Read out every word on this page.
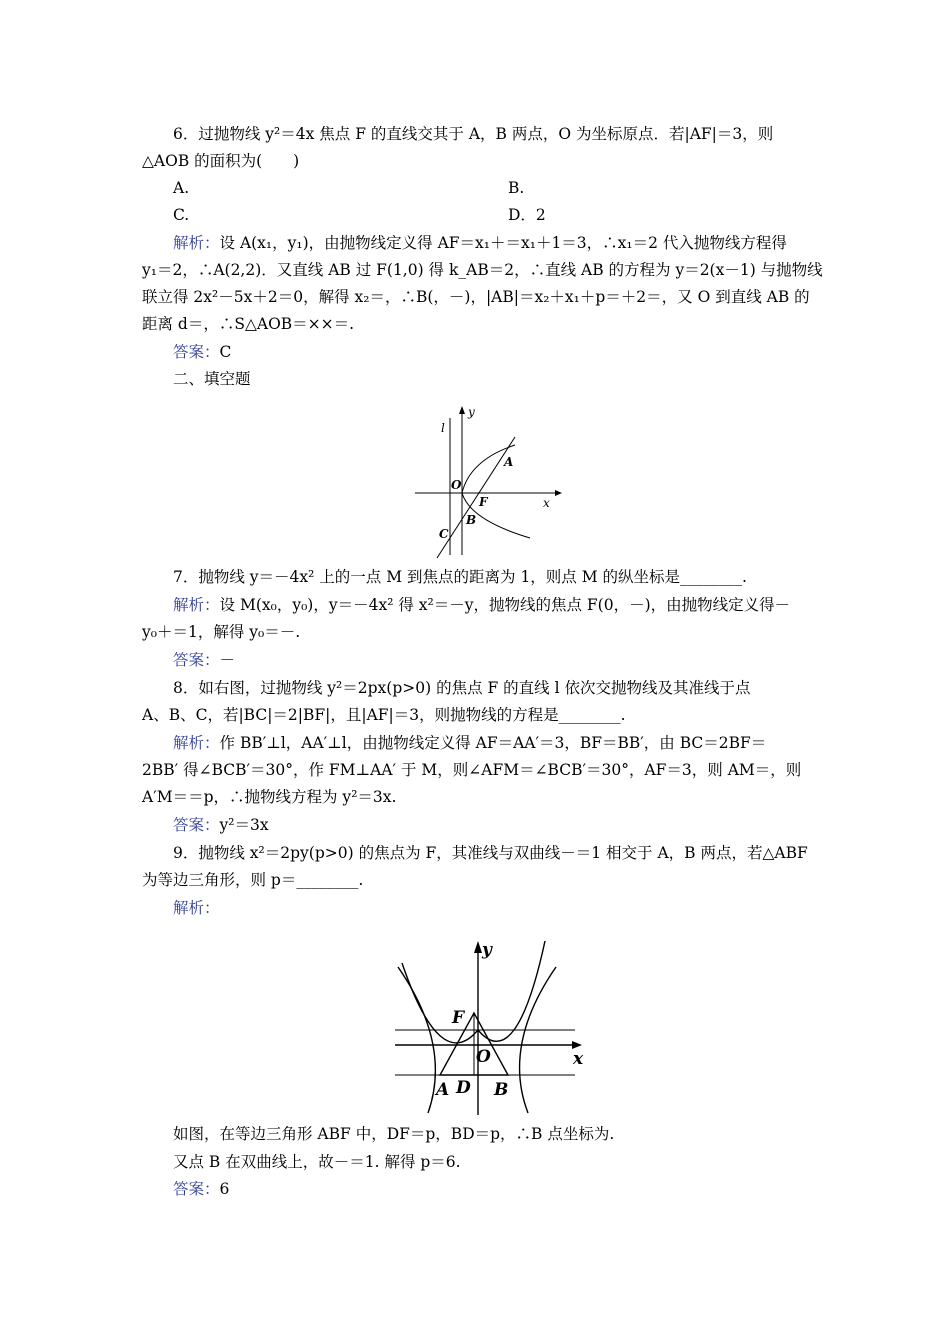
6．过抛物线 y²＝4x 焦点 F 的直线交其于 A，B 两点，O 为坐标原点．若|AF|＝3，则
△AOB 的面积为(　　)
A.	B.
C.	D．2
解析：设 A(x₁，y₁)，由抛物线定义得 AF＝x₁＋＝x₁＋1＝3，∴x₁＝2 代入抛物线方程得
y₁＝2，∴A(2,2)．又直线 AB 过 F(1,0) 得 k_AB＝2，∴直线 AB 的方程为 y＝2(x－1) 与抛物线
联立得 2x²－5x＋2＝0，解得 x₂＝，∴B(，－)，|AB|＝x₂＋x₁＋p＝＋2＝，又 O 到直线 AB 的
距离 d＝，∴S△AOB＝××＝.
答案：C
二、填空题
l
y
x
O
A
F
B
C
7．抛物线 y＝－4x² 上的一点 M 到焦点的距离为 1，则点 M 的纵坐标是________.
解析：设 M(x₀，y₀)，y＝－4x² 得 x²＝－y，抛物线的焦点 F(0，－)，由抛物线定义得－
y₀＋＝1，解得 y₀＝－.
答案：－
8．如右图，过抛物线 y²＝2px(p>0) 的焦点 F 的直线 l 依次交抛物线及其准线于点
A、B、C，若|BC|＝2|BF|，且|AF|＝3，则抛物线的方程是________.
解析：作 BB′⊥l，AA′⊥l，由抛物线定义得 AF＝AA′＝3，BF＝BB′，由 BC＝2BF＝
2BB′ 得∠BCB′＝30°，作 FM⊥AA′ 于 M，则∠AFM＝∠BCB′＝30°，AF＝3，则 AM＝，则
A′M＝＝p，∴抛物线方程为 y²＝3x.
答案：y²＝3x
9．抛物线 x²＝2py(p>0) 的焦点为 F，其准线与双曲线－＝1 相交于 A，B 两点，若△ABF
为等边三角形，则 p＝________.
解析：
y
x
F
O
A D B
如图，在等边三角形 ABF 中，DF＝p，BD＝p，∴B 点坐标为.
又点 B 在双曲线上，故－＝1. 解得 p＝6.
答案：6
